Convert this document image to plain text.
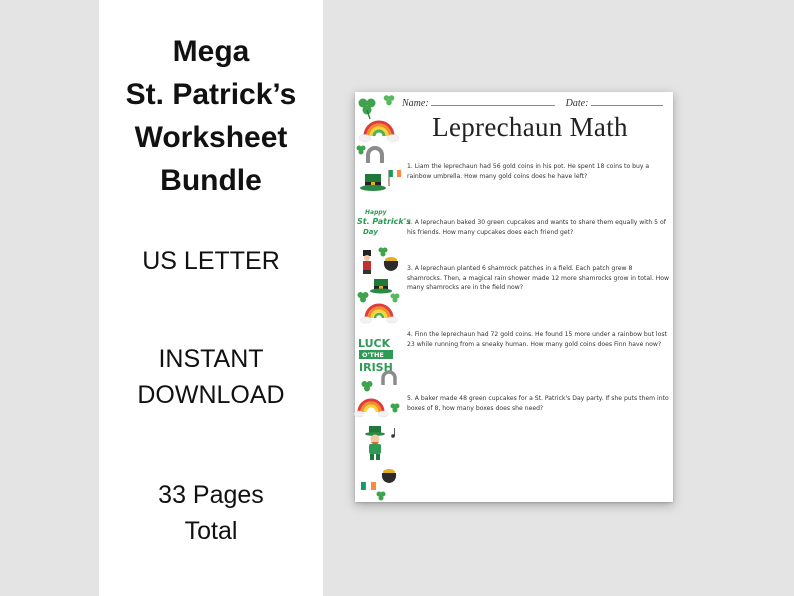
Mega
St. Patrick’s
Worksheet
Bundle
US LETTER
INSTANT
DOWNLOAD
33 Pages
Total
Name:	Date:
Leprechaun Math
1. Liam the leprechaun had 56 gold coins in his pot. He spent 18 coins to buy a rainbow umbrella. How many gold coins does he have left?
2. A leprechaun baked 30 green cupcakes and wants to share them equally with 5 of his friends. How many cupcakes does each friend get?
3. A leprechaun planted 6 shamrock patches in a field. Each patch grew 8 shamrocks. Then, a magical rain shower made 12 more shamrocks grow in total. How many shamrocks are in the field now?
4. Finn the leprechaun had 72 gold coins. He found 15 more under a rainbow but lost 23 while running from a sneaky human. How many gold coins does Finn have now?
5. A baker made 48 green cupcakes for a St. Patrick's Day party. If she puts them into boxes of 8, how many boxes does she need?
Happy
St. Patrick's
Day
LUCK
O'THE
IRISH
